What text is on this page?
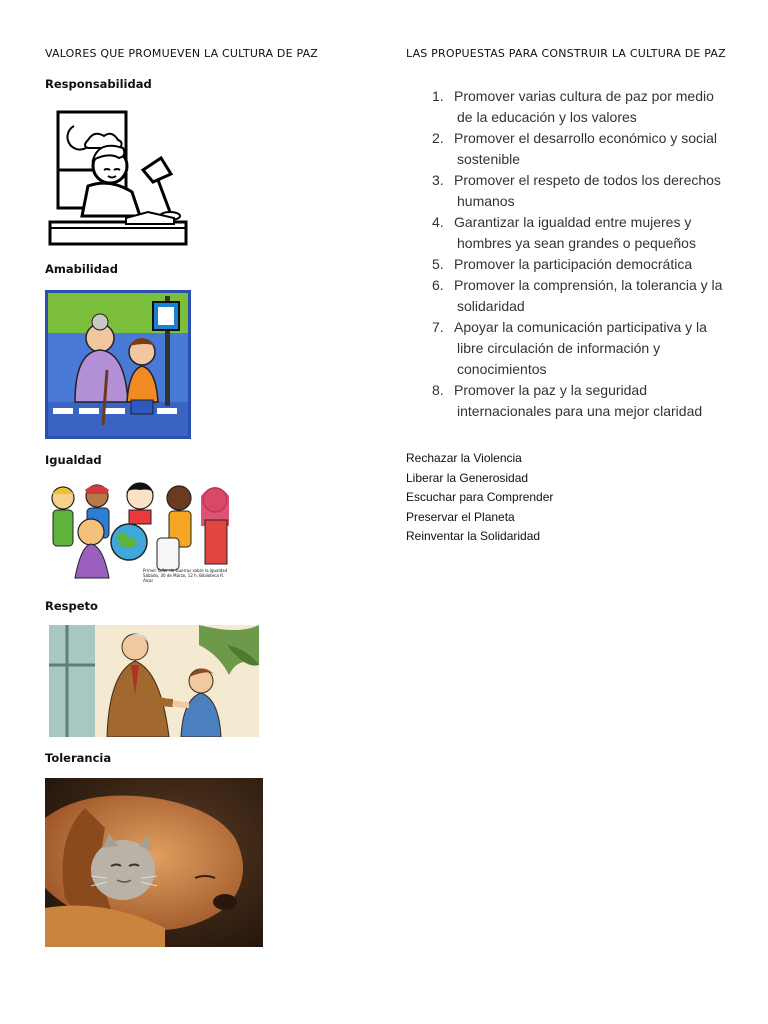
VALORES QUE PROMUEVEN LA CULTURA DE PAZ
Responsabilidad
Amabilidad
Igualdad
Primer Taller de Guerras sobre la Igualdad Sábado, 30 de Marzo, 12 h. Biblioteca R. Alcar
Respeto
Tolerancia
LAS PROPUESTAS PARA CONSTRUIR LA CULTURA DE PAZ
1. Promover varias cultura de paz por medio
de la educación y los valores
2. Promover el desarrollo económico y social
sostenible
3. Promover el respeto de todos los derechos
humanos
4. Garantizar la igualdad entre mujeres y
hombres ya sean grandes o pequeños
5. Promover la participación democrática
6. Promover la comprensión, la tolerancia y la
solidaridad
7. Apoyar la comunicación participativa y la
libre circulación de información y
conocimientos
8. Promover la paz y la seguridad
internacionales para una mejor claridad
Rechazar la Violencia
Liberar la Generosidad
Escuchar para Comprender
Preservar el Planeta
Reinventar la Solidaridad
